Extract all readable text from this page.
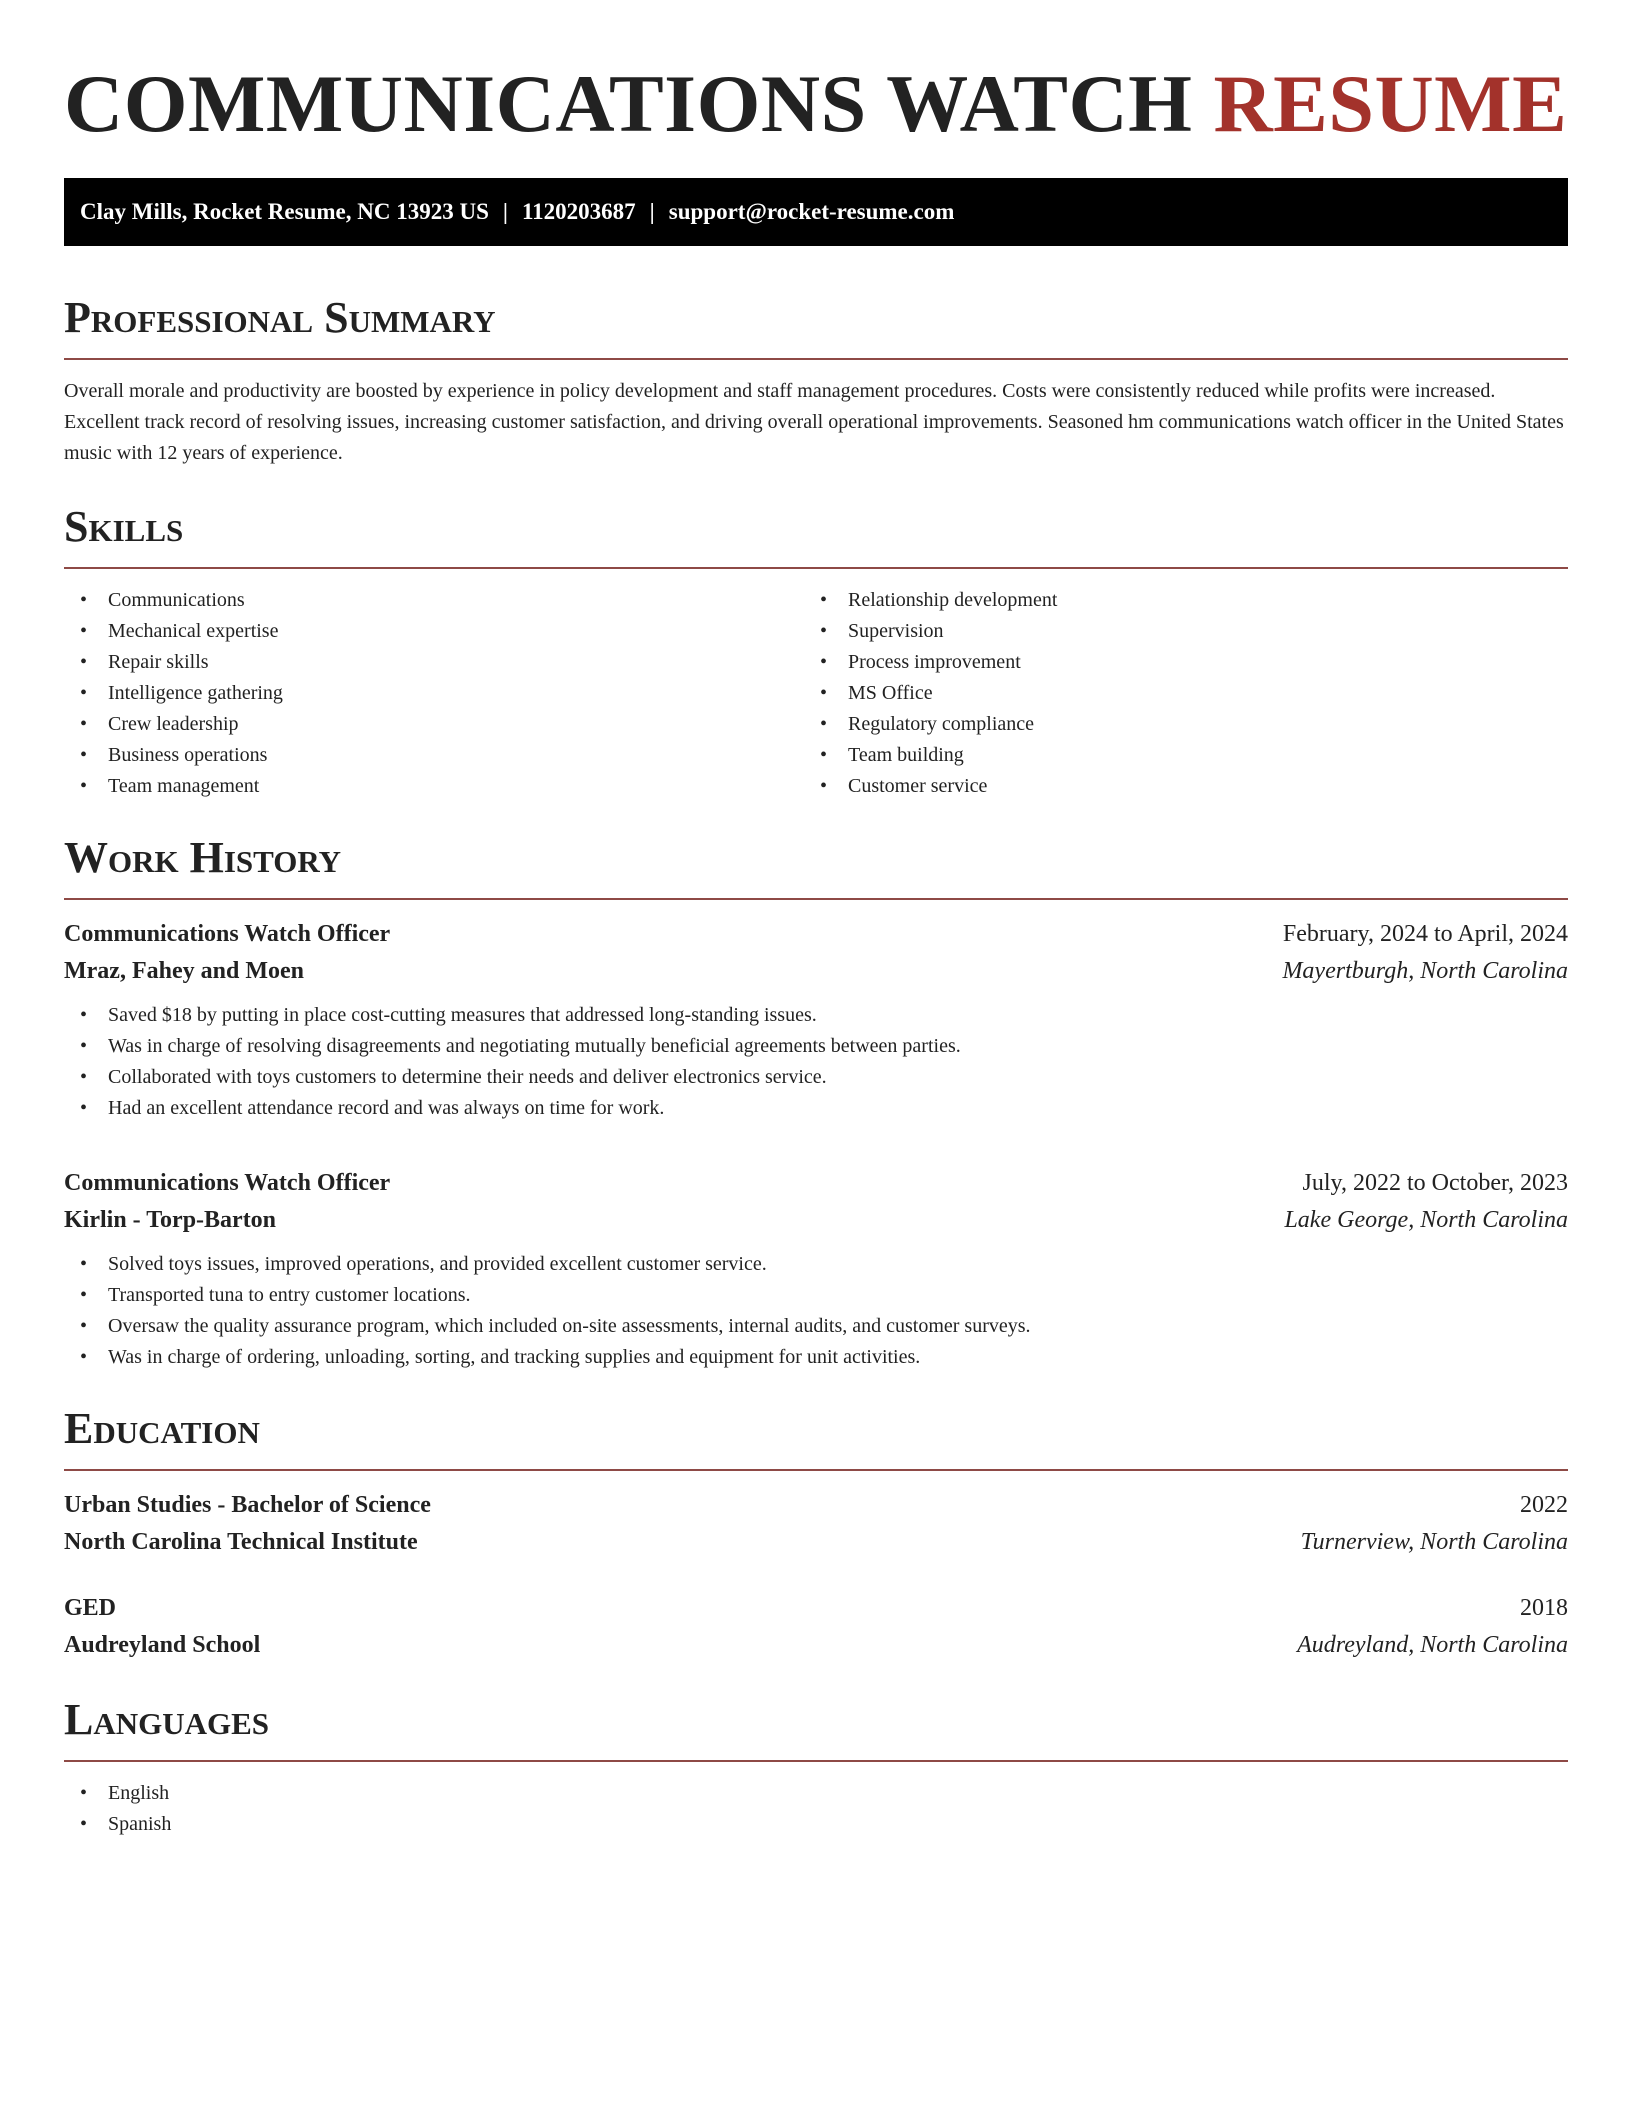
COMMUNICATIONS WATCH RESUME
Clay Mills, Rocket Resume, NC 13923 US | 1120203687 | support@rocket-resume.com
Professional Summary

Overall morale and productivity are boosted by experience in policy development and staff management procedures. Costs were consistently reduced while profits were increased. Excellent track record of resolving issues, increasing customer satisfaction, and driving overall operational improvements. Seasoned hm communications watch officer in the United States music with 12 years of experience.

Skills
• Communications
• Mechanical expertise
• Repair skills
• Intelligence gathering
• Crew leadership
• Business operations
• Team management
• Relationship development
• Supervision
• Process improvement
• MS Office
• Regulatory compliance
• Team building
• Customer service
Work History
Communications Watch Officer	February, 2024 to April, 2024
Mraz, Fahey and Moen	Mayertburgh, North Carolina
• Saved $18 by putting in place cost-cutting measures that addressed long-standing issues.
• Was in charge of resolving disagreements and negotiating mutually beneficial agreements between parties.
• Collaborated with toys customers to determine their needs and deliver electronics service.
• Had an excellent attendance record and was always on time for work.
Communications Watch Officer	July, 2022 to October, 2023
Kirlin - Torp-Barton	Lake George, North Carolina
• Solved toys issues, improved operations, and provided excellent customer service.
• Transported tuna to entry customer locations.
• Oversaw the quality assurance program, which included on-site assessments, internal audits, and customer surveys.
• Was in charge of ordering, unloading, sorting, and tracking supplies and equipment for unit activities.
Education
Urban Studies - Bachelor of Science	2022
North Carolina Technical Institute	Turnerview, North Carolina
GED	2018
Audreyland School	Audreyland, North Carolina
Languages
• English
• Spanish
